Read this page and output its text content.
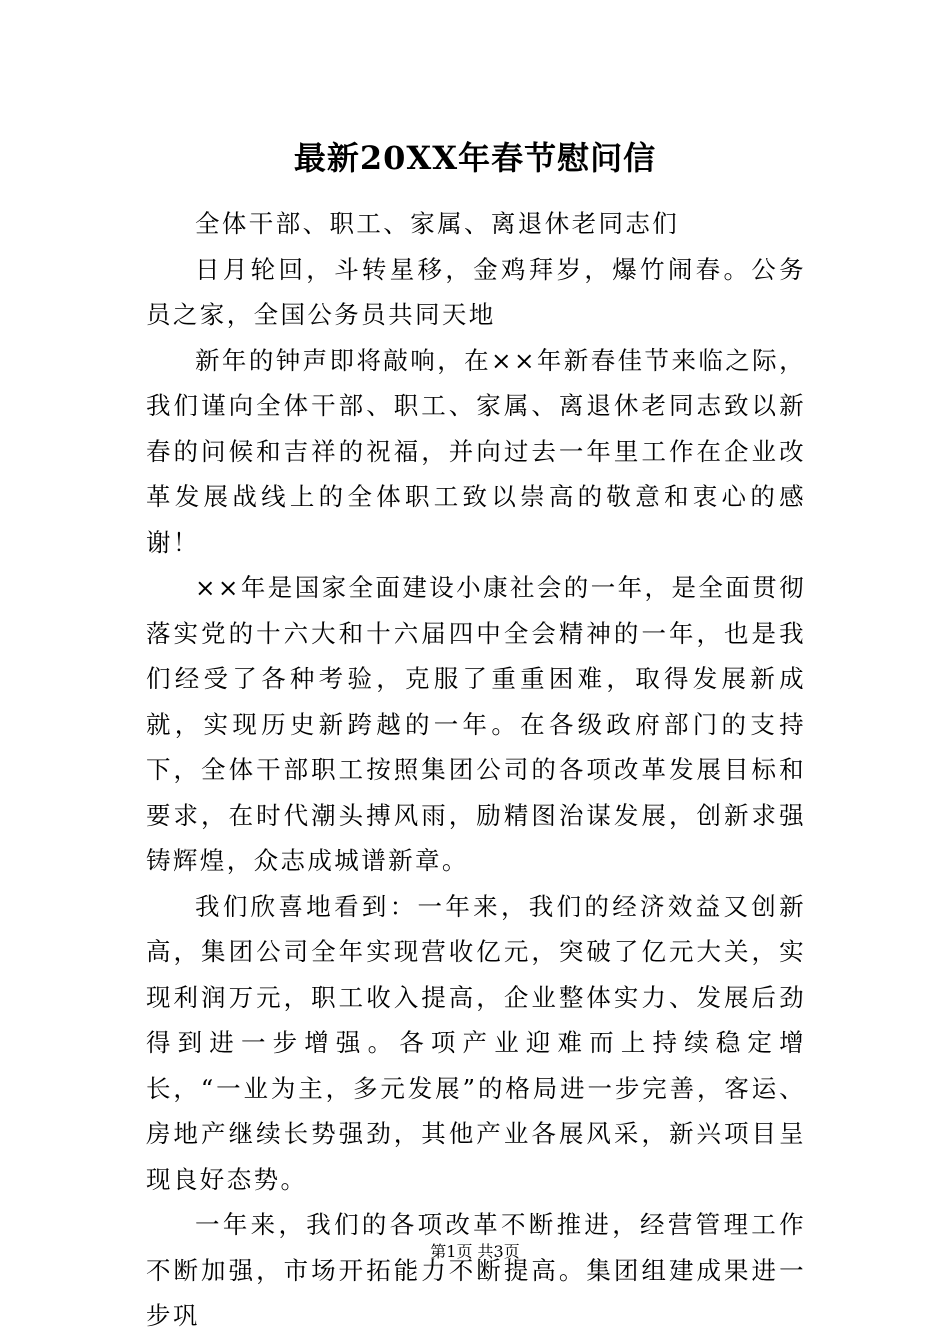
最新20XX年春节慰问信

全体干部、职工、家属、离退休老同志们

日月轮回，斗转星移，金鸡拜岁，爆竹闹春。公务员之家，全国公务员共同天地

新年的钟声即将敲响，在××年新春佳节来临之际，我们谨向全体干部、职工、家属、离退休老同志致以新春的问候和吉祥的祝福，并向过去一年里工作在企业改革发展战线上的全体职工致以崇高的敬意和衷心的感谢！

××年是国家全面建设小康社会的一年，是全面贯彻落实党的十六大和十六届四中全会精神的一年，也是我们经受了各种考验，克服了重重困难，取得发展新成就，实现历史新跨越的一年。在各级政府部门的支持下，全体干部职工按照集团公司的各项改革发展目标和要求，在时代潮头搏风雨，励精图治谋发展，创新求强铸辉煌，众志成城谱新章。

我们欣喜地看到：一年来，我们的经济效益又创新高，集团公司全年实现营收亿元，突破了亿元大关，实现利润万元，职工收入提高，企业整体实力、发展后劲得到进一步增强。各项产业迎难而上持续稳定增长，“一业为主，多元发展”的格局进一步完善，客运、房地产继续长势强劲，其他产业各展风采，新兴项目呈现良好态势。

一年来，我们的各项改革不断推进，经营管理工作不断加强，市场开拓能力不断提高。集团组建成果进一步巩

第1页 共3页
